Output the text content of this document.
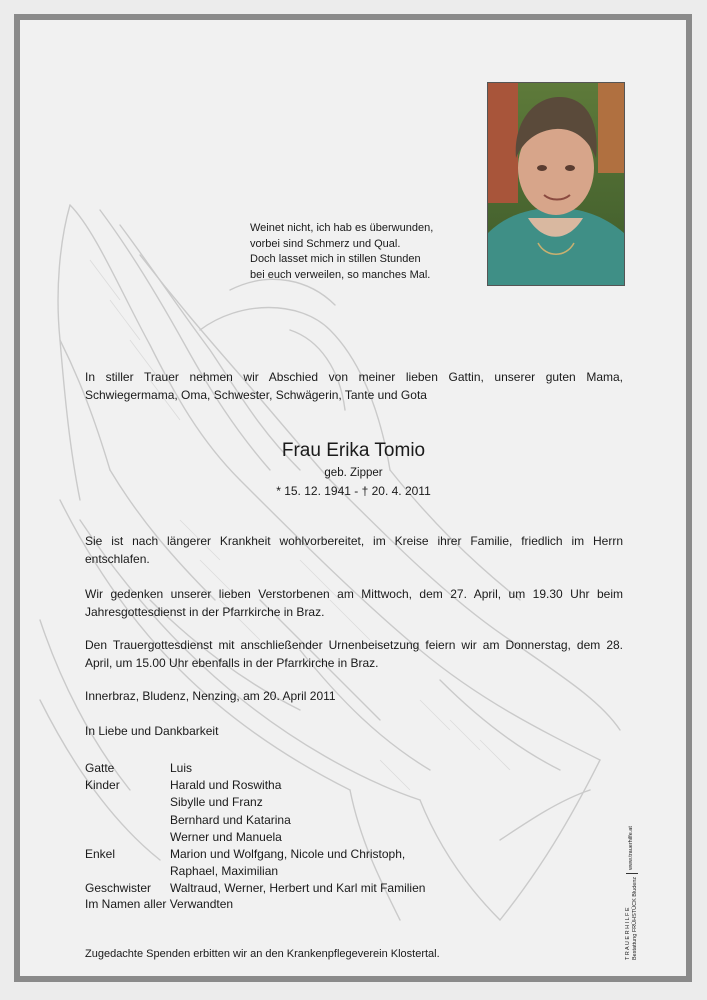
Weinet nicht, ich hab es überwunden,
vorbei sind Schmerz und Qual.
Doch lasset mich in stillen Stunden
bei euch verweilen, so manches Mal.
In stiller Trauer nehmen wir Abschied von meiner lieben Gattin, unserer guten Mama, Schwiegermama, Oma, Schwester, Schwägerin, Tante und Gota
Frau Erika Tomio
geb. Zipper
* 15. 12. 1941 - † 20. 4. 2011
Sie ist nach längerer Krankheit wohlvorbereitet, im Kreise ihrer Familie, friedlich im Herrn entschlafen.
Wir gedenken unserer lieben Verstorbenen am Mittwoch, dem 27. April, um 19.30 Uhr beim Jahresgottesdienst in der Pfarrkirche in Braz.
Den Trauergottesdienst mit anschließender Urnenbeisetzung feiern wir am Donnerstag, dem 28. April, um 15.00 Uhr ebenfalls in der Pfarrkirche in Braz.
Innerbraz, Bludenz, Nenzing, am 20. April 2011
In Liebe und Dankbarkeit
Gatte	Luis
Kinder	Harald und Roswitha
Sibylle und Franz
Bernhard und Katarina
Werner und Manuela
Enkel	Marion und Wolfgang, Nicole und Christoph,
Raphael, Maximilian
Geschwister	Waltraud, Werner, Herbert und Karl mit Familien
Im Namen aller Verwandten
Zugedachte Spenden erbitten wir an den Krankenpflegeverein Klostertal.	T R A U E R H I L F E Bestattung FRÜHSTÜCK Bludenz
www.trauerhilfe.at
